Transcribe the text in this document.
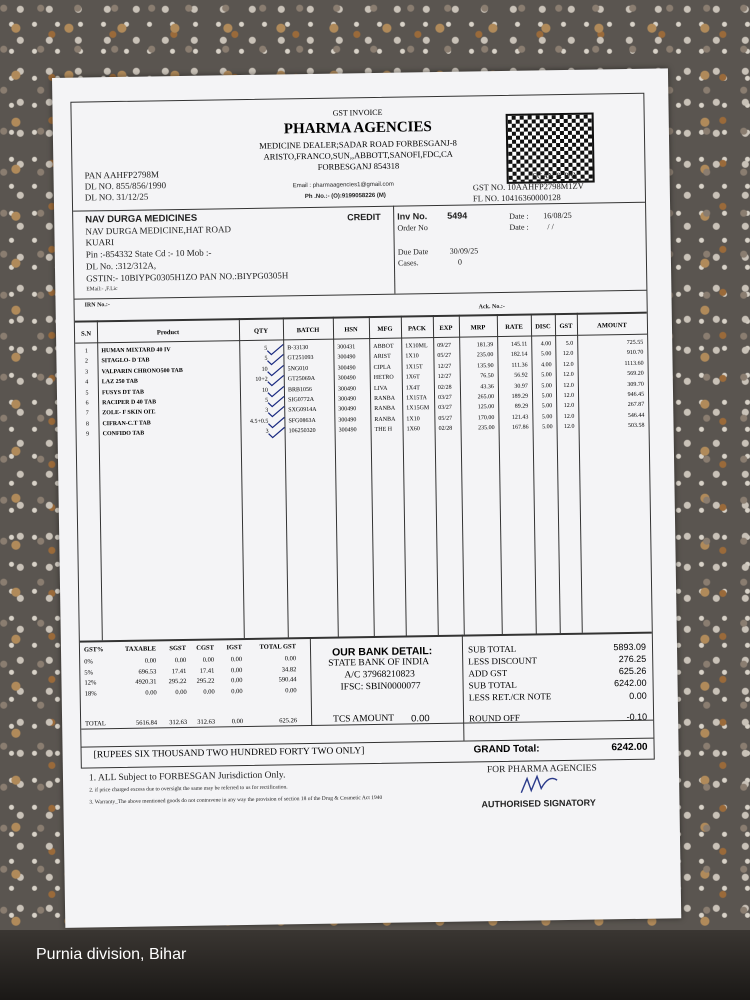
GST INVOICE
PHARMA AGENCIES
MEDICINE DEALER;SADAR ROAD FORBESGANJ-8
ARISTO,FRANCO,SUN,,ABBOTT,SANOFI,FDC,CA
FORBESGANJ 854318
PAN AAHFP2798M
DL NO. 855/856/1990
DL NO. 31/12/25
Email : pharmaagencies1@gmail.com
Ph .No.:- (O):9199058226 (M)
SCAN & PAY
GST NO. 10AAHFP2798M1ZV
FL NO. 10416360000128
NAV DURGA MEDICINES
NAV DURGA MEDICINE,HAT ROAD
KUARI
Pin :-854332 State Cd :- 10 Mob :-
DL No. :312/312A,
GSTIN:- 10BIYPG0305H1ZO PAN NO.:BIYPG0305H
EMail:- ,F.Lic
CREDIT Inv No. 5494	Date : 16/08/25
Order No	Date : / /
Due Date	30/09/25
Cases.	0
IRN No.:-	Ack. No.:-
S.N	Product	QTY	BATCH	HSN	MFG	PACK	EXP	MRP	RATE	DISC	GST	AMOUNT
1	HUMAN MIXTARD 40 IV	5	B-33130	300431	ABBOT 1X10ML 09/27	181.39	145.11	4.00	5.0	725.55
2	SITAGLO- D TAB	5	GT251093	300490	ARIST 1X10	05/27	235.00	182.14	5.00	12.0	910.70
3	VALPARIN CHRONO500 TAB	10	5NG010	300490	CIPLA 1X15T 12/27	135.90	111.36	4.00	12.0	1113.60
4	LAZ 250 TAB	10+2	GT25069A	300490	HETRO 1X6T	12/27	76.50	56.92	5.00	12.0	569.20
5	FUSYS DT TAB	10	BRB1056	300490	LIVA	1X4T	02/28	43.36	30.97	5.00	12.0	309.70
6	RACIPER D 40 TAB	5	SIG0772A	300490	RANBA 1X15TA 03/27	265.00	189.29	5.00	12.0	946.45
7	ZOLE- F SKIN OIT.	3	SXG0914A	300490	RANBA 1X15GM 03/27	125.00	89.29	5.00	12.0	267.87
8	CIFRAN-C.T TAB	4.5+0.5	SFG0863A	300490	RANBA 1X10	05/27	170.00	121.43	5.00	12.0	546.44
9	CONFIDO TAB	3	106250320	300490	THE H 1X60	02/28	235.00	167.86	5.00	12.0	503.58
GST%	TAXABLE	SGST	CGST	IGST	TOTAL GST
0%	0.00	0.00	0.00	0.00	0.00
5%	696.53	17.41	17.41	0.00	34.82
12%	4920.31	295.22	295.22	0.00	590.44
18%	0.00	0.00	0.00	0.00	0.00
TOTAL	5616.84	312.63	312.63	0.00	625.26
OUR BANK DETAIL:
STATE BANK OF INDIA
A/C 37968210823
IFSC: SBIN0000077
SUB TOTAL	5893.09
LESS DISCOUNT	276.25
ADD GST	625.26
SUB TOTAL	6242.00
LESS RET./CR NOTE	0.00
TCS AMOUNT 0.00	ROUND OFF	-0.10
[RUPEES SIX THOUSAND TWO HUNDRED FORTY TWO ONLY]	GRAND Total:	6242.00
1. ALL Subject to FORBESGAN Jurisdiction Only.
2. if price charged excess due to oversight the same may be referred to us for rectification.
3. Warranty_The above mentioned goods do not contravene in any way the provision of section 18 of the Drug & Cosmetic Act 1940
FOR PHARMA AGENCIES
AUTHORISED SIGNATORY
Purnia division, Bihar
